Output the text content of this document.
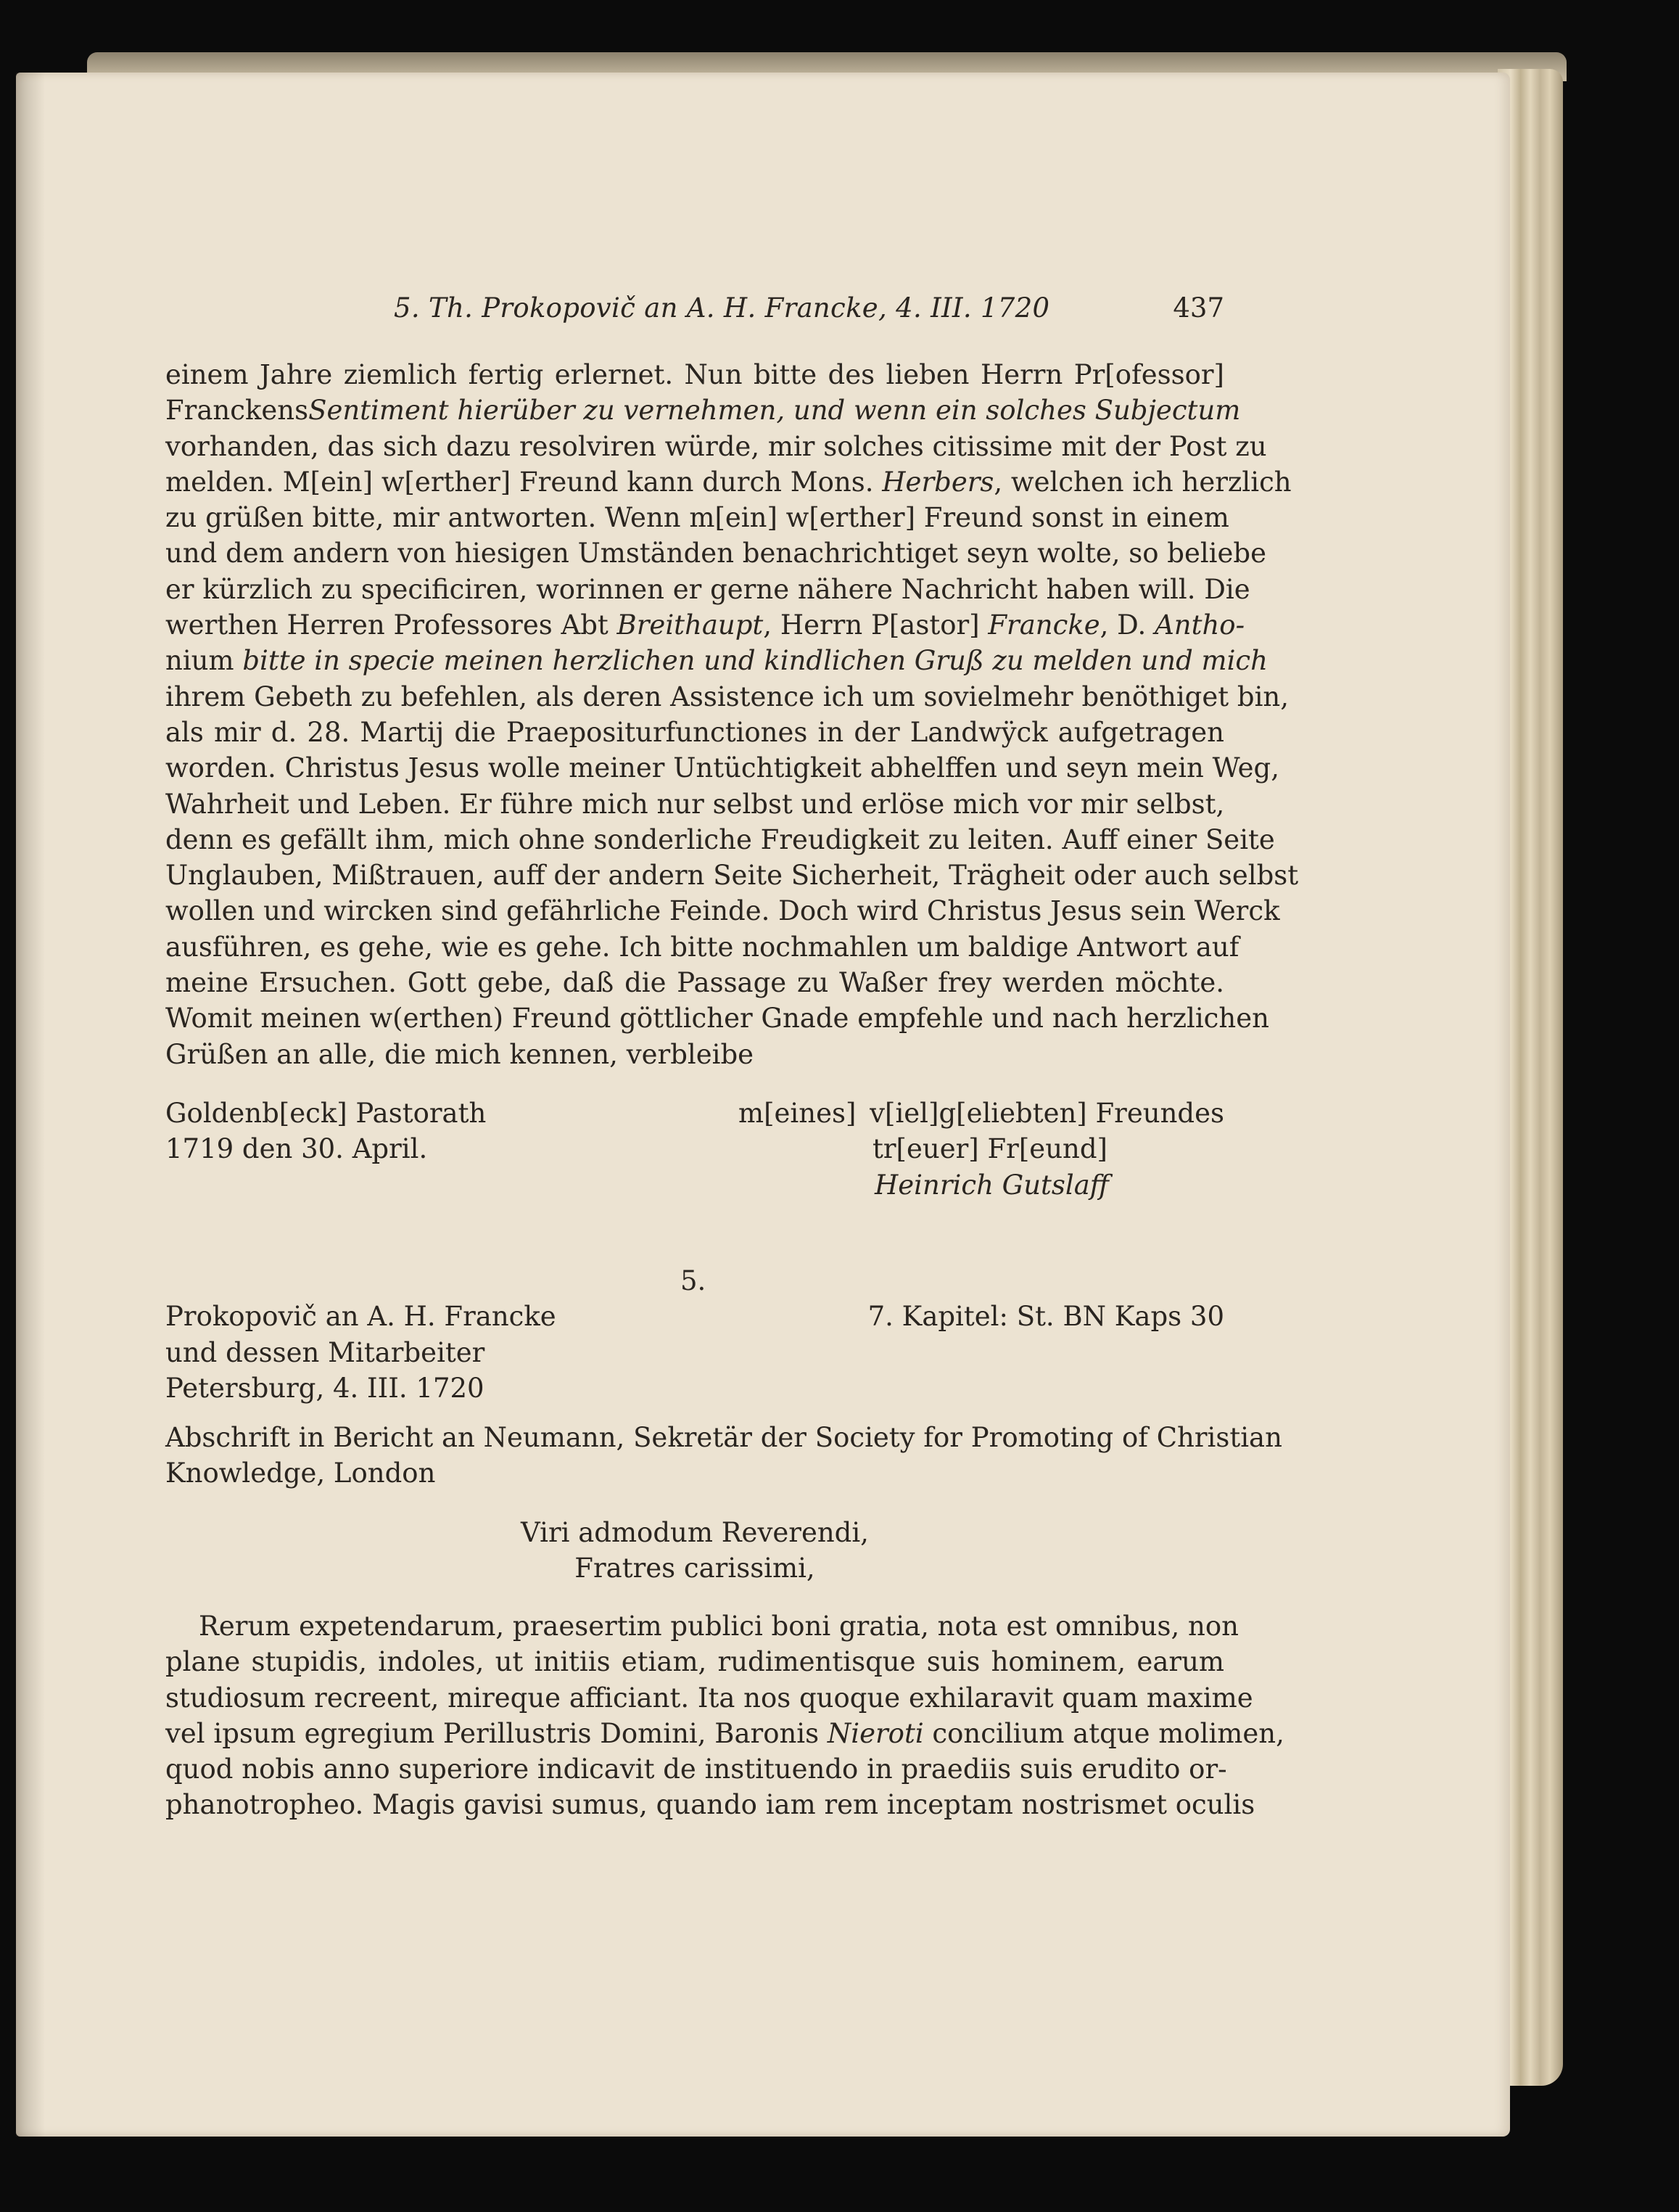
5. Th. Prokopovič an A. H. Francke, 4. III. 1720	437
einem Jahre ziemlich fertig erlernet. Nun bitte des lieben Herrn Pr[ofessor]
FranckensSentiment hierüber zu vernehmen, und wenn ein solches Subjectum
vorhanden, das sich dazu resolviren würde, mir solches citissime mit der Post zu
melden. M[ein] w[erther] Freund kann durch Mons. Herbers, welchen ich herzlich
zu grüßen bitte, mir antworten. Wenn m[ein] w[erther] Freund sonst in einem
und dem andern von hiesigen Umständen benachrichtiget seyn wolte, so beliebe
er kürzlich zu specificiren, worinnen er gerne nähere Nachricht haben will. Die
werthen Herren Professores Abt Breithaupt, Herrn P[astor] Francke, D. Antho-
nium bitte in specie meinen herzlichen und kindlichen Gruß zu melden und mich
ihrem Gebeth zu befehlen, als deren Assistence ich um sovielmehr benöthiget bin,
als mir d. 28. Martij die Praepositurfunctiones in der Landwÿck aufgetragen
worden. Christus Jesus wolle meiner Untüchtigkeit abhelffen und seyn mein Weg,
Wahrheit und Leben. Er führe mich nur selbst und erlöse mich vor mir selbst,
denn es gefällt ihm, mich ohne sonderliche Freudigkeit zu leiten. Auff einer Seite
Unglauben, Mißtrauen, auff der andern Seite Sicherheit, Trägheit oder auch selbst
wollen und wircken sind gefährliche Feinde. Doch wird Christus Jesus sein Werck
ausführen, es gehe, wie es gehe. Ich bitte nochmahlen um baldige Antwort auf
meine Ersuchen. Gott gebe, daß die Passage zu Waßer frey werden möchte.
Womit meinen w(erthen) Freund göttlicher Gnade empfehle und nach herzlichen
Grüßen an alle, die mich kennen, verbleibe
Goldenb[eck] Pastorath	m[eines] v[iel]g[eliebten] Freundes
1719 den 30. April.	tr[euer] Fr[eund]
Heinrich Gutslaff
5.
Prokopovič an A. H. Francke	7. Kapitel: St. BN Kaps 30
und dessen Mitarbeiter
Petersburg, 4. III. 1720
Abschrift in Bericht an Neumann, Sekretär der Society for Promoting of Christian
Knowledge, London
Viri admodum Reverendi,
Fratres carissimi,
Rerum expetendarum, praesertim publici boni gratia, nota est omnibus, non
plane stupidis, indoles, ut initiis etiam, rudimentisque suis hominem, earum
studiosum recreent, mireque afficiant. Ita nos quoque exhilaravit quam maxime
vel ipsum egregium Perillustris Domini, Baronis Nieroti concilium atque molimen,
quod nobis anno superiore indicavit de instituendo in praediis suis erudito or-
phanotropheo. Magis gavisi sumus, quando iam rem inceptam nostrismet oculis
